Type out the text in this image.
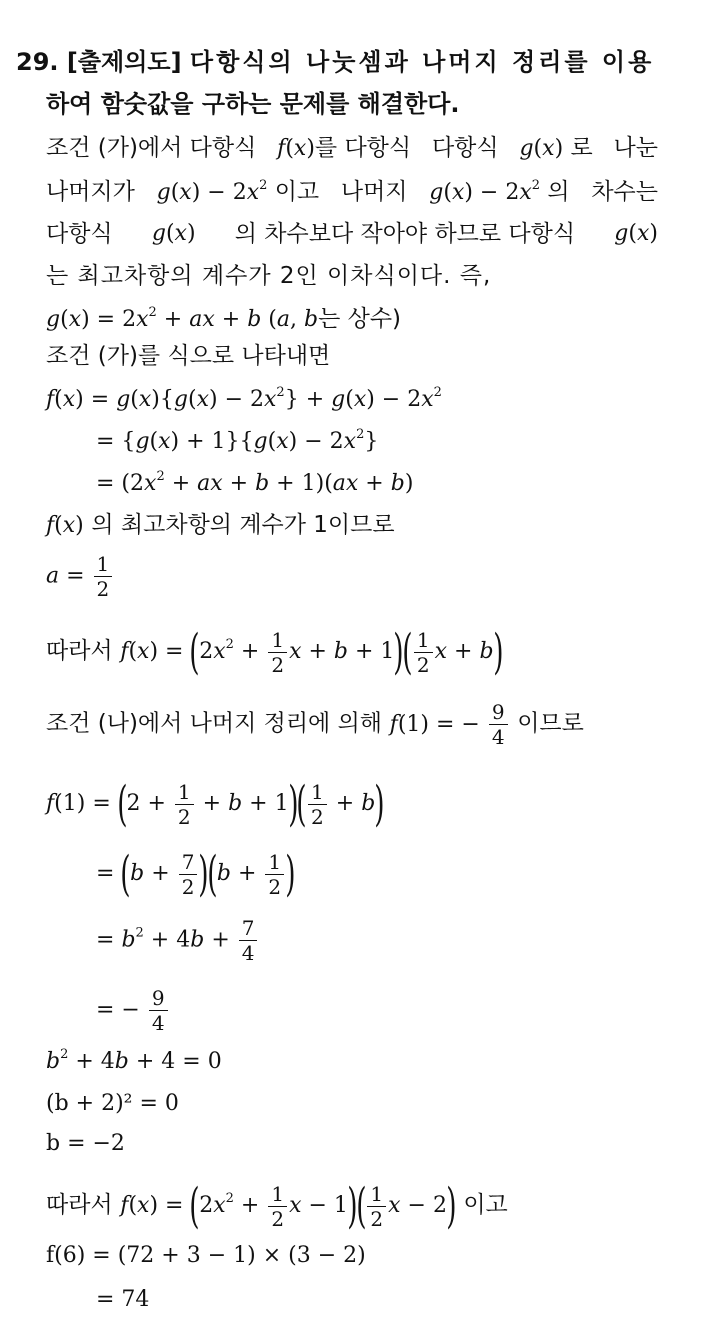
29. [출제의도] 다항식의 나눗셈과 나머지 정리를 이용
하여 함숫값을 구하는 문제를 해결한다.
조건 (가)에서 다항식 f(x)를 다항식 다항식 g(x) 로 나눈
나머지가 $g(x) - 2x^2$ 이고 나머지 $g(x) - 2x^2$ 의 차수는
다항식 g(x) 의 차수보다 작아야 하므로 다항식 g(x)
는 최고차항의 계수가 2인 이차식이다. 즉,
$g(x) = 2x^2$ + ax + b (a, b는 상수)
조건 (가)를 식으로 나타내면
$f(x) = g(x)\{g(x) - 2x^2\} + g(x) - 2x^2$
= $\{g(x) + 1\}\{g(x) - 2x^2\}$
= ($2x^2$ + ax + b + 1)(ax + b)
f(x) 의 최고차항의 계수가 1이므로
$a = \frac{1}{2}$
따라서 $f(x) = (2x^2 + \frac{1}{2}$ $x + b + 1)( \frac{1}{2}$ x + b)
조건 (나)에서 나머지 정리에 의해 f(1) = − $\frac{9}{4}$ 이므로
$f(1) = (2 + \frac{1}{2} + b + 1)( \frac{1}{2} + b)$
= $(b + \frac{7}{2} )(b + \frac{1}{2}$ )
= $b^2 + 4b + \frac{7}{4}$
= − $\frac{9}{4}$
$b^2 + 4b + 4 = 0$
(b + 2)² = 0
b = −2
따라서 $f(x) = (2x^2 + \frac{1}{2}$ $x - 1)( \frac{1}{2}$ x − 2) 이고
f(6) = (72 + 3 − 1) × (3 − 2)
= 74
